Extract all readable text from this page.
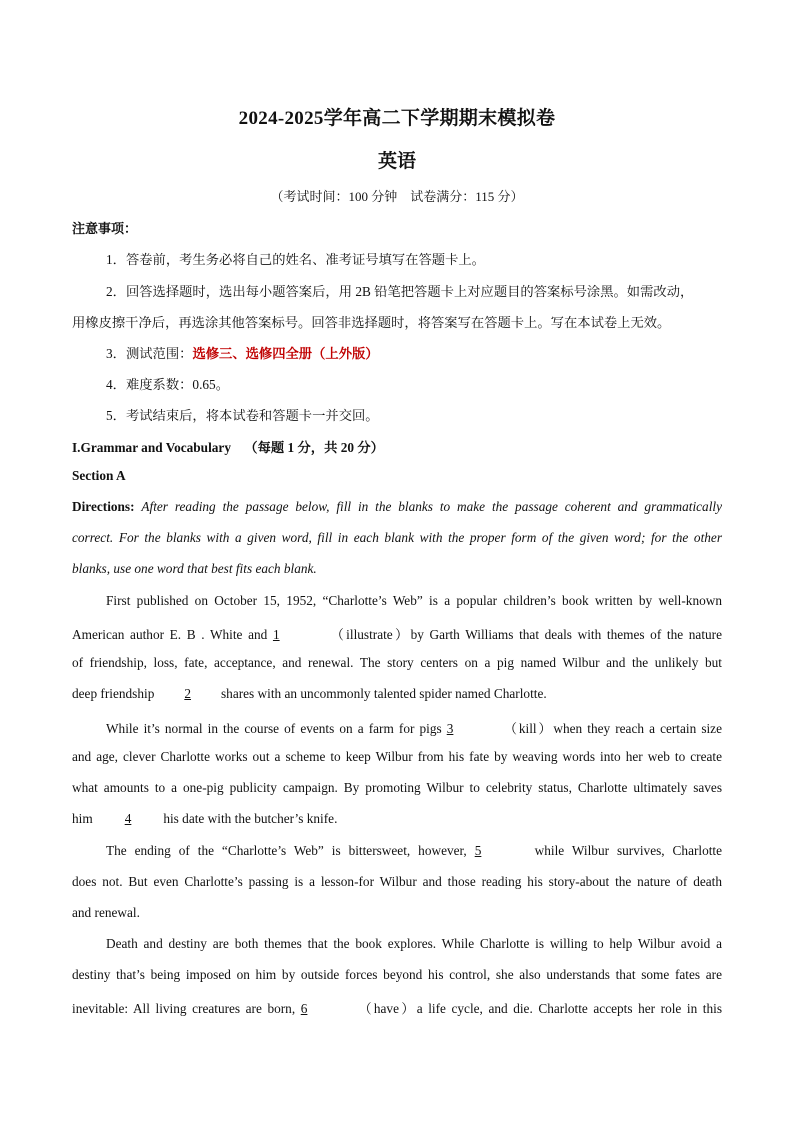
2024-2025学年高二下学期期末模拟卷
英语
（考试时间：100 分钟　试卷满分：115 分）
注意事项：
1．答卷前，考生务必将自己的姓名、准考证号填写在答题卡上。
2．回答选择题时，选出每小题答案后，用 2B 铅笔把答题卡上对应题目的答案标号涂黑。如需改动，
用橡皮擦干净后，再选涂其他答案标号。回答非选择题时，将答案写在答题卡上。写在本试卷上无效。
3．测试范围：选修三、选修四全册（上外版）
4．难度系数：0.65。
5．考试结束后，将本试卷和答题卡一并交回。
I.Grammar and Vocabulary （每题 1 分，共 20 分）
Section A
Directions: After reading the passage below, fill in the blanks to make the passage coherent and grammatically
correct. For the blanks with a given word, fill in each blank with the proper form of the given word; for the other
blanks, use one word that best fits each blank.
First published on October 15, 1952, “Charlotte’s Web” is a popular children’s book written by well-known
American author E. B . White and 1	（illustrate）by Garth Williams that deals with themes of the nature
of friendship, loss, fate, acceptance, and renewal. The story centers on a pig named Wilbur and the unlikely but
deep friendship 2 shares with an uncommonly talented spider named Charlotte.
While it’s normal in the course of events on a farm for pigs 3	（kill）when they reach a certain size
and age, clever Charlotte works out a scheme to keep Wilbur from his fate by weaving words into her web to create
what amounts to a one-pig publicity campaign. By promoting Wilbur to celebrity status, Charlotte ultimately saves
him 4 his date with the butcher’s knife.
The ending of the “Charlotte’s Web” is bittersweet, however, 5	while Wilbur survives, Charlotte
does not. But even Charlotte’s passing is a lesson-for Wilbur and those reading his story-about the nature of death
and renewal.
Death and destiny are both themes that the book explores. While Charlotte is willing to help Wilbur avoid a
destiny that’s being imposed on him by outside forces beyond his control, she also understands that some fates are
inevitable: All living creatures are born, 6	（have）a life cycle, and die. Charlotte accepts her role in this
